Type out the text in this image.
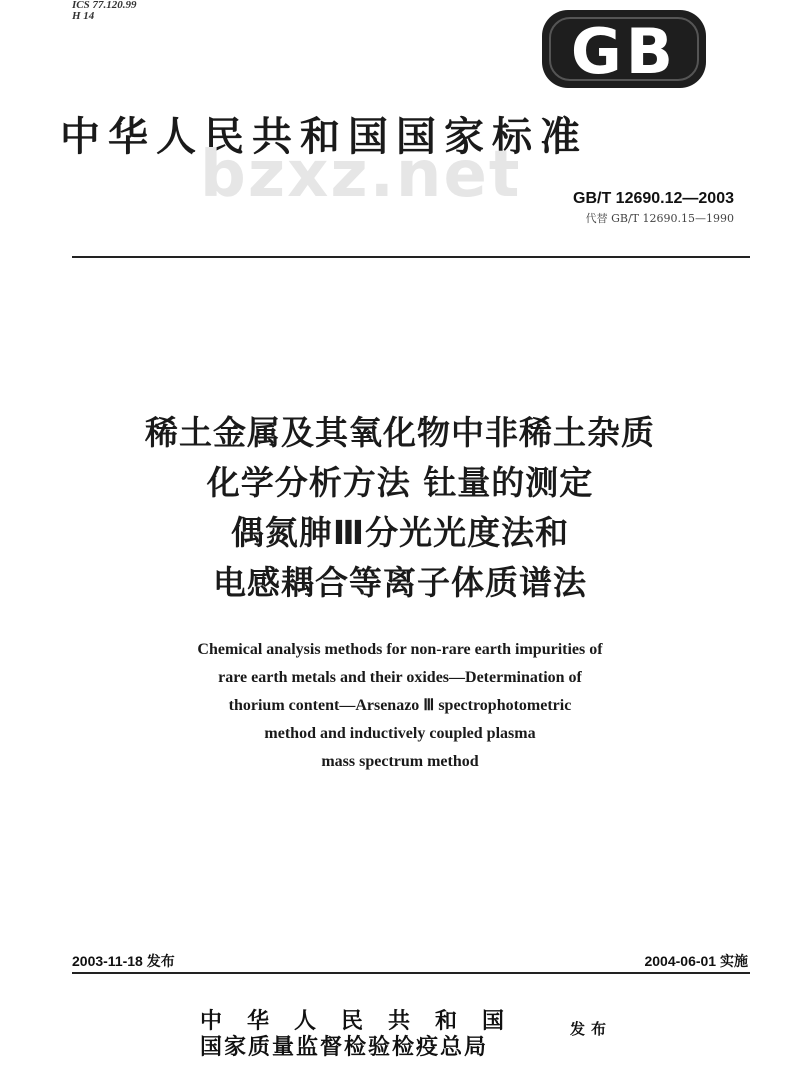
ICS 77.120.99
H 14	GB
中华人民共和国国家标准
bzxz.net	GB/T 12690.12—2003
代替 GB/T 12690.15—1990
稀土金属及其氧化物中非稀土杂质
化学分析方法 钍量的测定
偶氮胂Ⅲ分光光度法和
电感耦合等离子体质谱法
Chemical analysis methods for non-rare earth impurities of
rare earth metals and their oxides—Determination of
thorium content—Arsenazo Ⅲ spectrophotometric
method and inductively coupled plasma
mass spectrum method
2003-11-18 发布	2004-06-01 实施
中华人民共和国
国家质量监督检验检疫总局
发布
